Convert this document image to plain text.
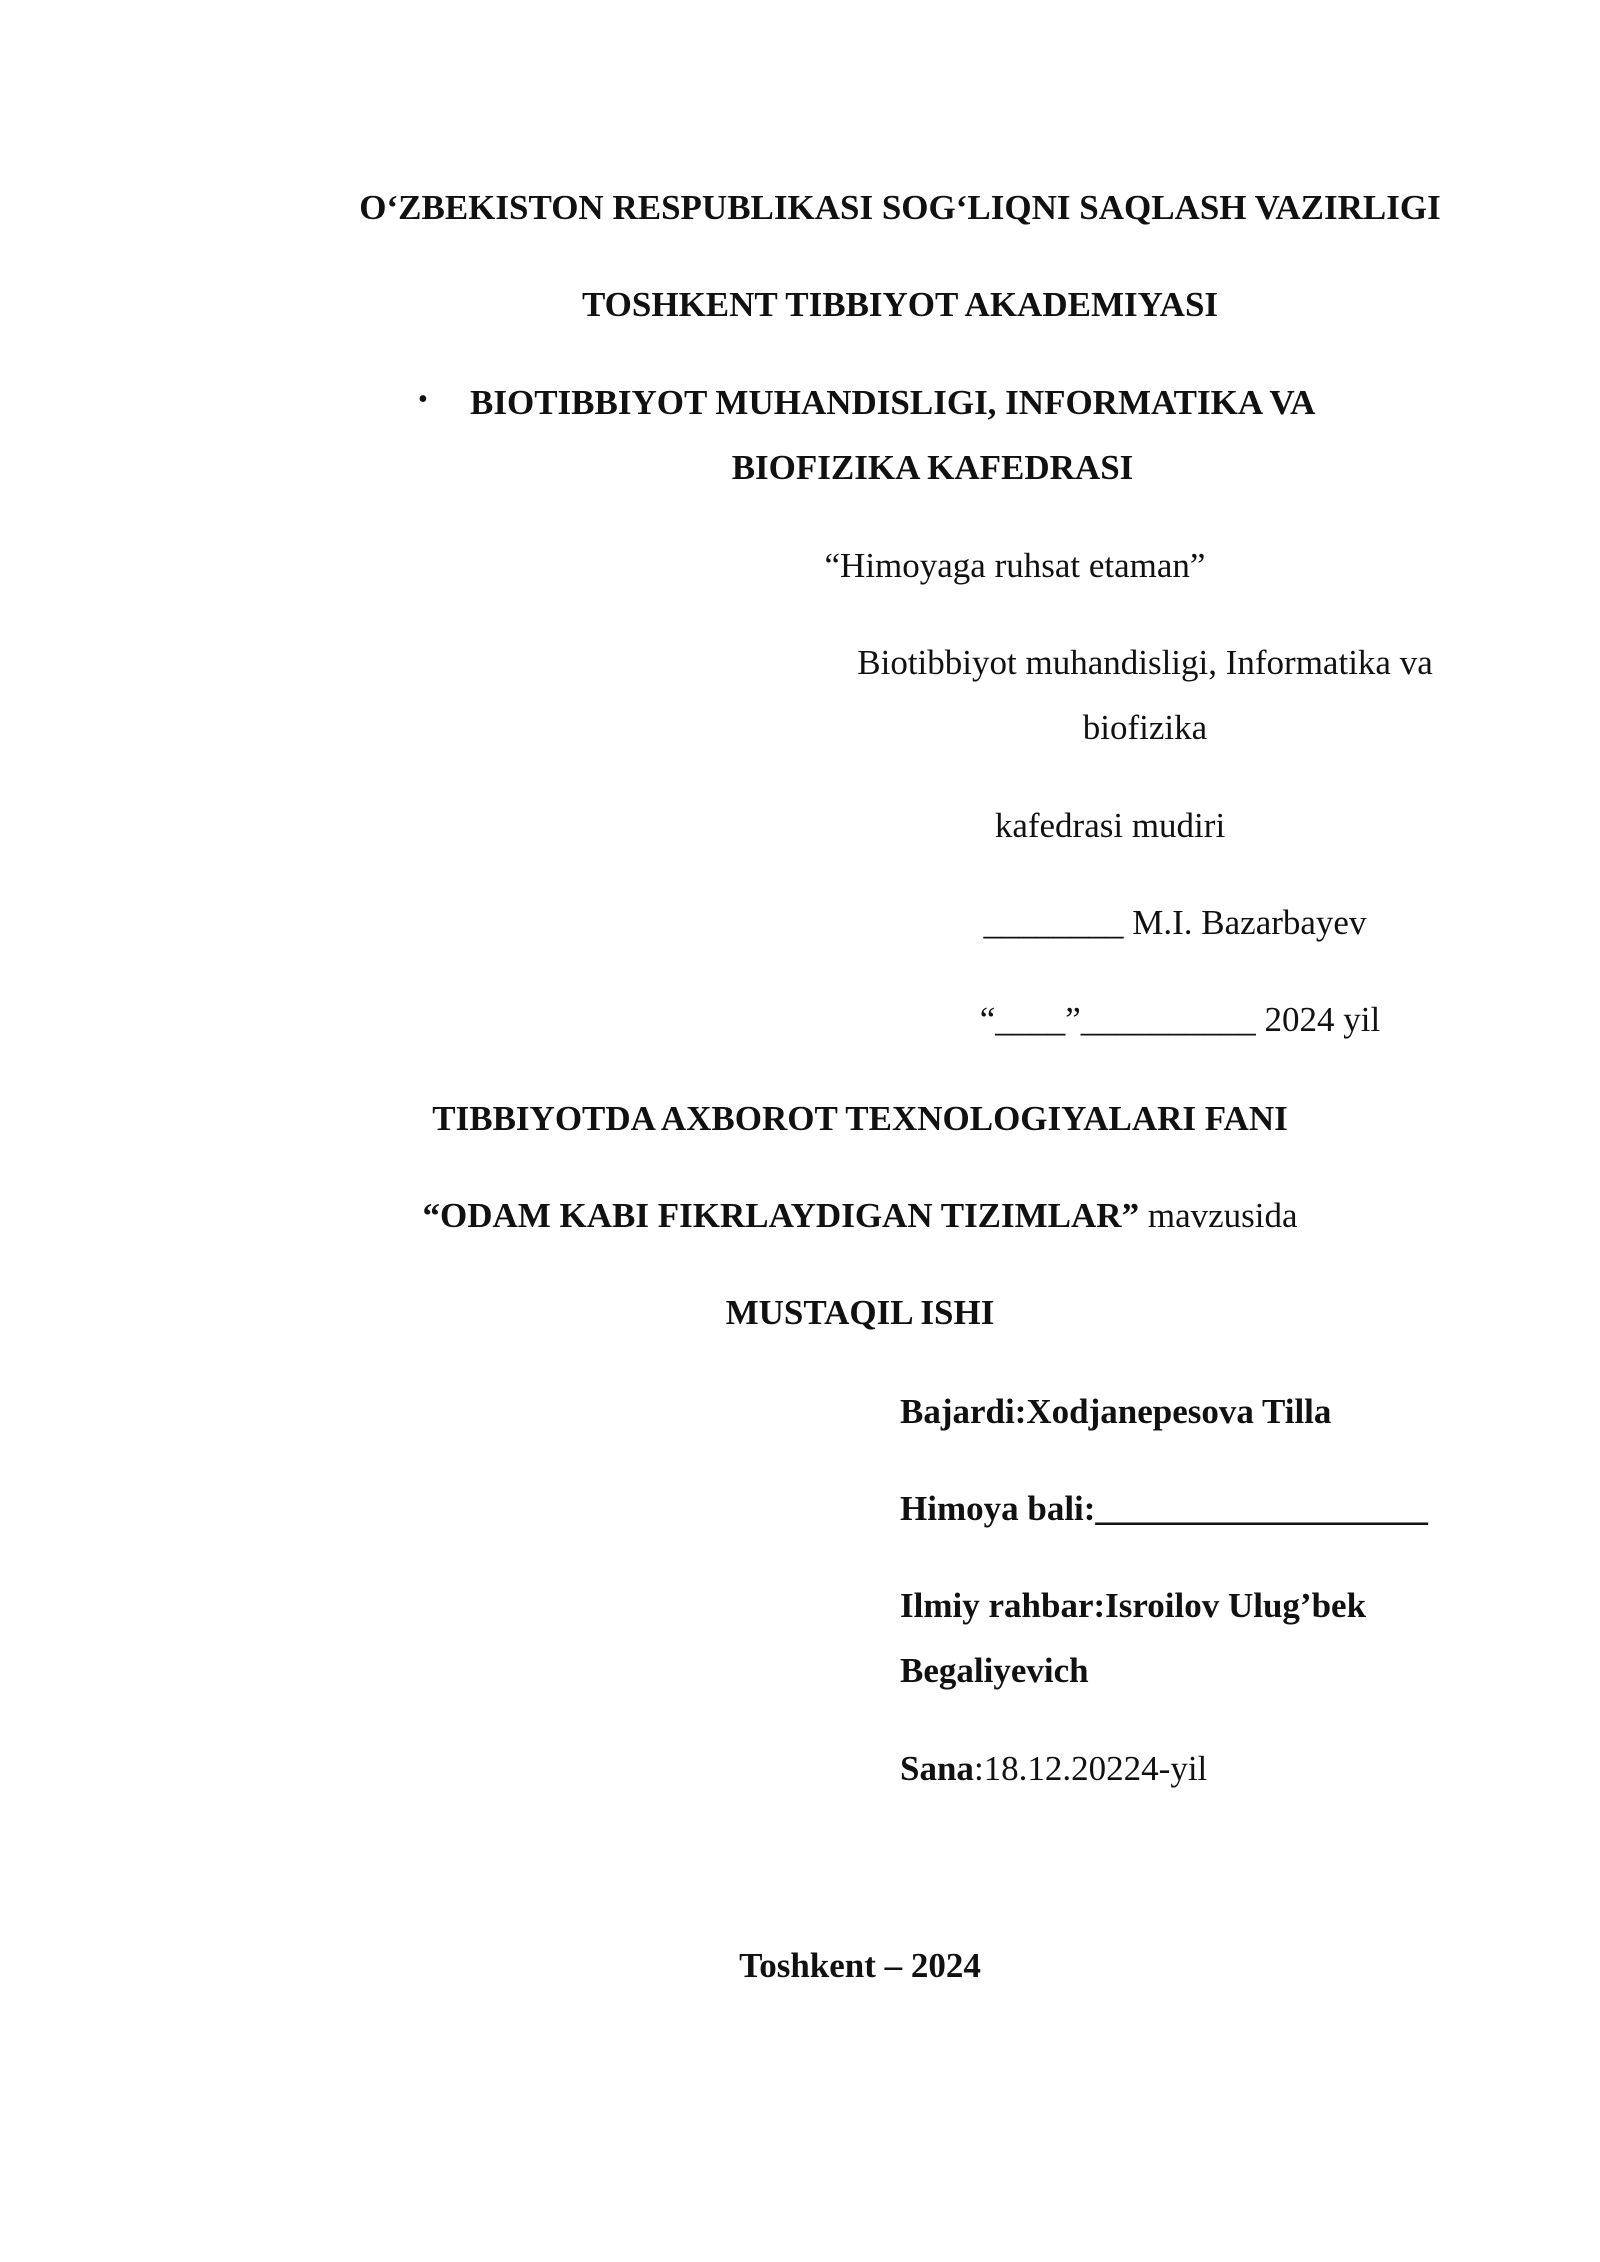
O‘ZBEKISTON RESPUBLIKASI SOG‘LIQNI SAQLASH VAZIRLIGI
TOSHKENT TIBBIYOT AKADEMIYASI
• BIOTIBBIYOT MUHANDISLIGI, INFORMATIKA VA
BIOFIZIKA KAFEDRASI
“Himoyaga ruhsat etaman”
Biotibbiyot muhandisligi, Informatika va
biofizika
kafedrasi mudiri
________ M.I. Bazarbayev
“____”__________ 2024 yil
TIBBIYOTDA AXBOROT TEXNOLOGIYALARI FANI
“ODAM KABI FIKRLAYDIGAN TIZIMLAR” mavzusida
MUSTAQIL ISHI
Bajardi:Xodjanepesova Tilla
Himoya bali:___________________
Ilmiy rahbar:Isroilov Ulug’bek
Begaliyevich
Sana:18.12.20224-yil
Toshkent – 2024
